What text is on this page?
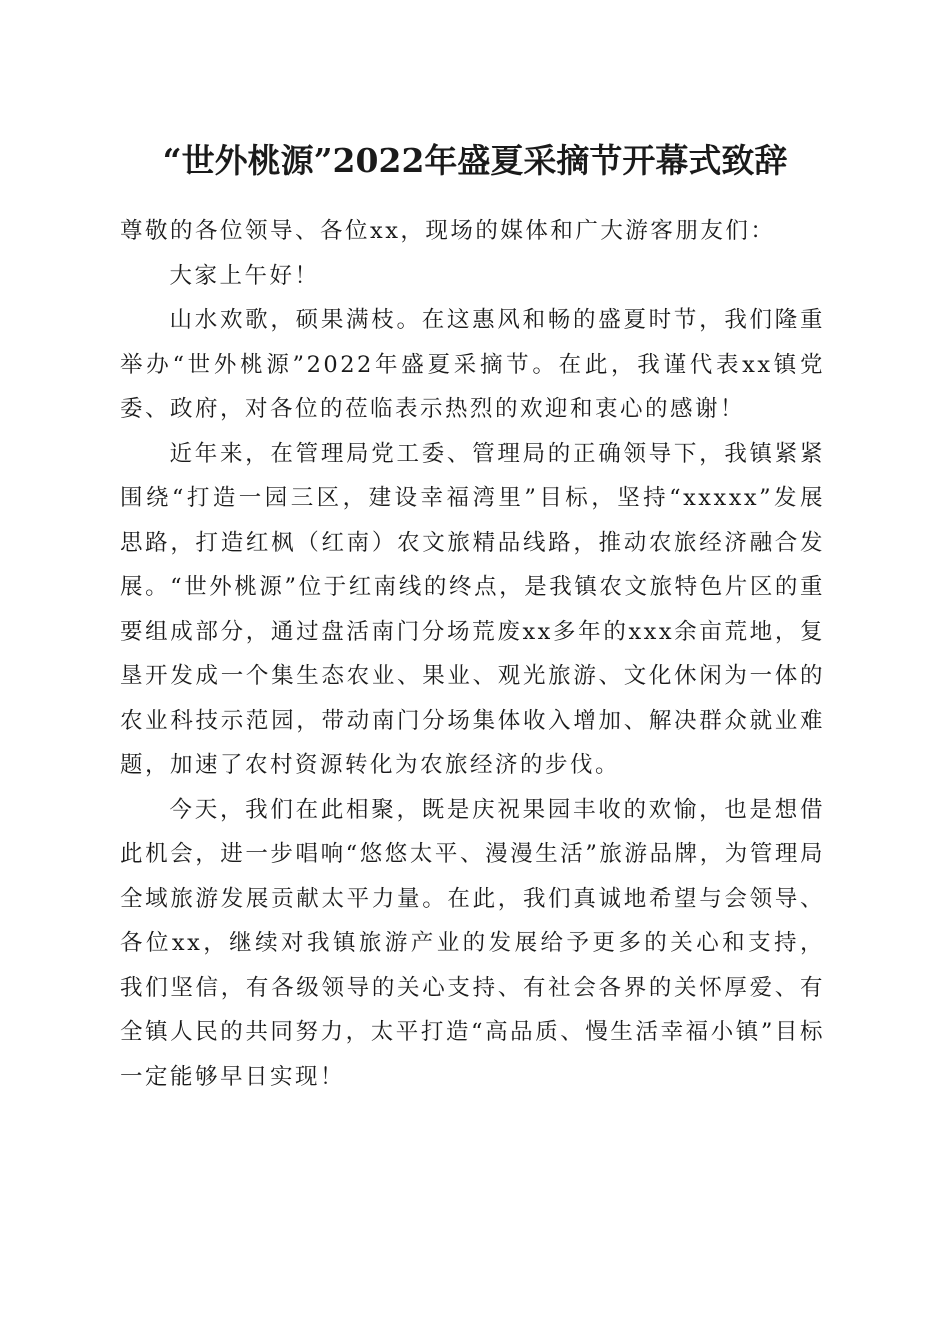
“世外桃源”2022年盛夏采摘节开幕式致辞

尊敬的各位领导、各位xx，现场的媒体和广大游客朋友们：

大家上午好！

山水欢歌，硕果满枝。在这惠风和畅的盛夏时节，我们隆重举办“世外桃源”2022年盛夏采摘节。在此，我谨代表xx镇党委、政府，对各位的莅临表示热烈的欢迎和衷心的感谢！

近年来，在管理局党工委、管理局的正确领导下，我镇紧紧围绕“打造一园三区，建设幸福湾里”目标，坚持“xxxxx”发展思路，打造红枫（红南）农文旅精品线路，推动农旅经济融合发展。“世外桃源”位于红南线的终点，是我镇农文旅特色片区的重要组成部分，通过盘活南门分场荒废xx多年的xxx余亩荒地，复垦开发成一个集生态农业、果业、观光旅游、文化休闲为一体的农业科技示范园，带动南门分场集体收入增加、解决群众就业难题，加速了农村资源转化为农旅经济的步伐。

今天，我们在此相聚，既是庆祝果园丰收的欢愉，也是想借此机会，进一步唱响“悠悠太平、漫漫生活”旅游品牌，为管理局全域旅游发展贡献太平力量。在此，我们真诚地希望与会领导、各位xx，继续对我镇旅游产业的发展给予更多的关心和支持，我们坚信，有各级领导的关心支持、有社会各界的关怀厚爱、有全镇人民的共同努力，太平打造“高品质、慢生活幸福小镇”目标一定能够早日实现！
